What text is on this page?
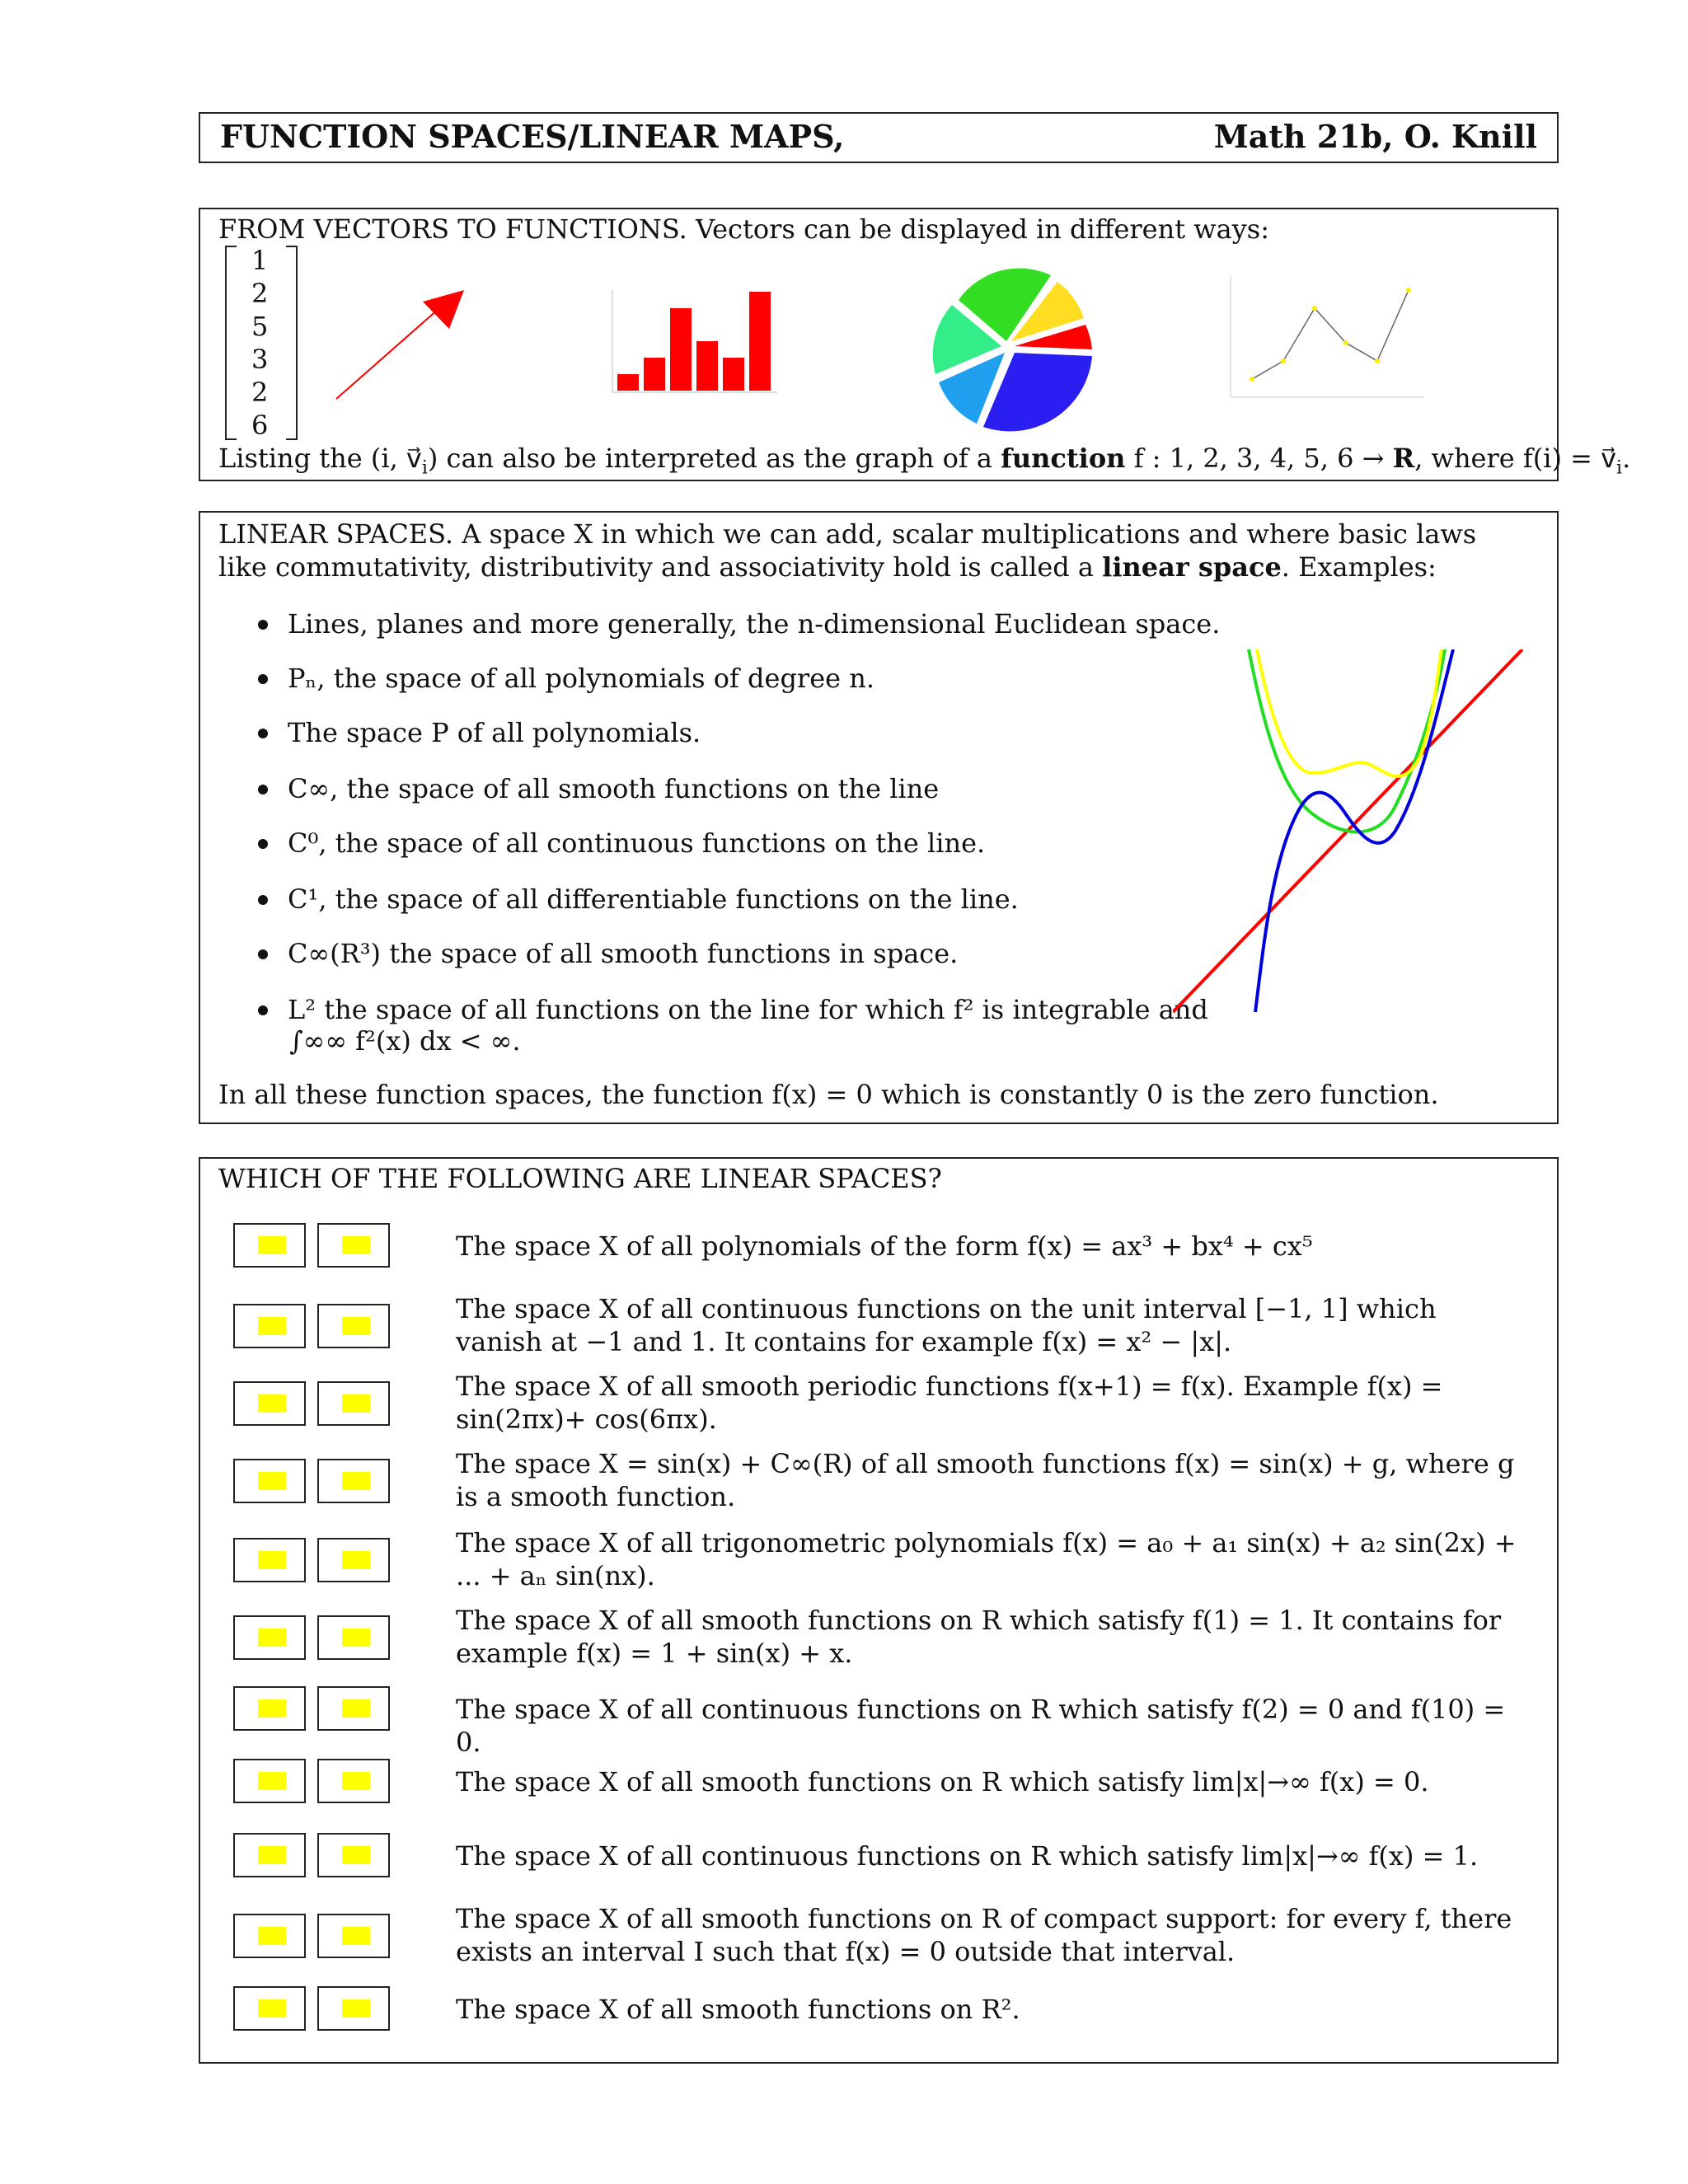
FUNCTION SPACES/LINEAR MAPS,	Math 21b, O. Knill
FROM VECTORS TO FUNCTIONS. Vectors can be displayed in different ways:
1
2
5
3
2
6
Listing the (i, $v⃗_i$) can also be interpreted as the graph of a function f : 1, 2, 3, 4, 5, 6 → R, where $f(i) = v⃗_i$.
LINEAR SPACES. A space X in which we can add, scalar multiplications and where basic laws
like commutativity, distributivity and associativity hold is called a linear space. Examples:
Lines, planes and more generally, the n-dimensional Euclidean space.
Pₙ, the space of all polynomials of degree n.
The space P of all polynomials.
C∞, the space of all smooth functions on the line
C⁰, the space of all continuous functions on the line.
C¹, the space of all differentiable functions on the line.
C∞(R³) the space of all smooth functions in space.
L² the space of all functions on the line for which f² is integrable and
∫∞∞ f²(x) dx < ∞.
In all these function spaces, the function f(x) = 0 which is constantly 0 is the zero function.
WHICH OF THE FOLLOWING ARE LINEAR SPACES?
The space X of all polynomials of the form f(x) = ax³ + bx⁴ + cx⁵
The space X of all continuous functions on the unit interval [−1, 1] which vanish at −1 and 1. It contains for example f(x) = x² − |x|.
The space X of all smooth periodic functions f(x+1) = f(x). Example f(x) = sin(2πx)+ cos(6πx).
The space X = sin(x) + C∞(R) of all smooth functions f(x) = sin(x) + g, where g is a smooth function.
The space X of all trigonometric polynomials f(x) = a₀ + a₁ sin(x) + a₂ sin(2x) + ... + aₙ sin(nx).
The space X of all smooth functions on R which satisfy f(1) = 1. It contains for example f(x) = 1 + sin(x) + x.
The space X of all continuous functions on R which satisfy f(2) = 0 and f(10) = 0.
The space X of all smooth functions on R which satisfy lim|x|→∞ f(x) = 0.
The space X of all continuous functions on R which satisfy lim|x|→∞ f(x) = 1.
The space X of all smooth functions on R of compact support: for every f, there exists an interval I such that f(x) = 0 outside that interval.
The space X of all smooth functions on R².
